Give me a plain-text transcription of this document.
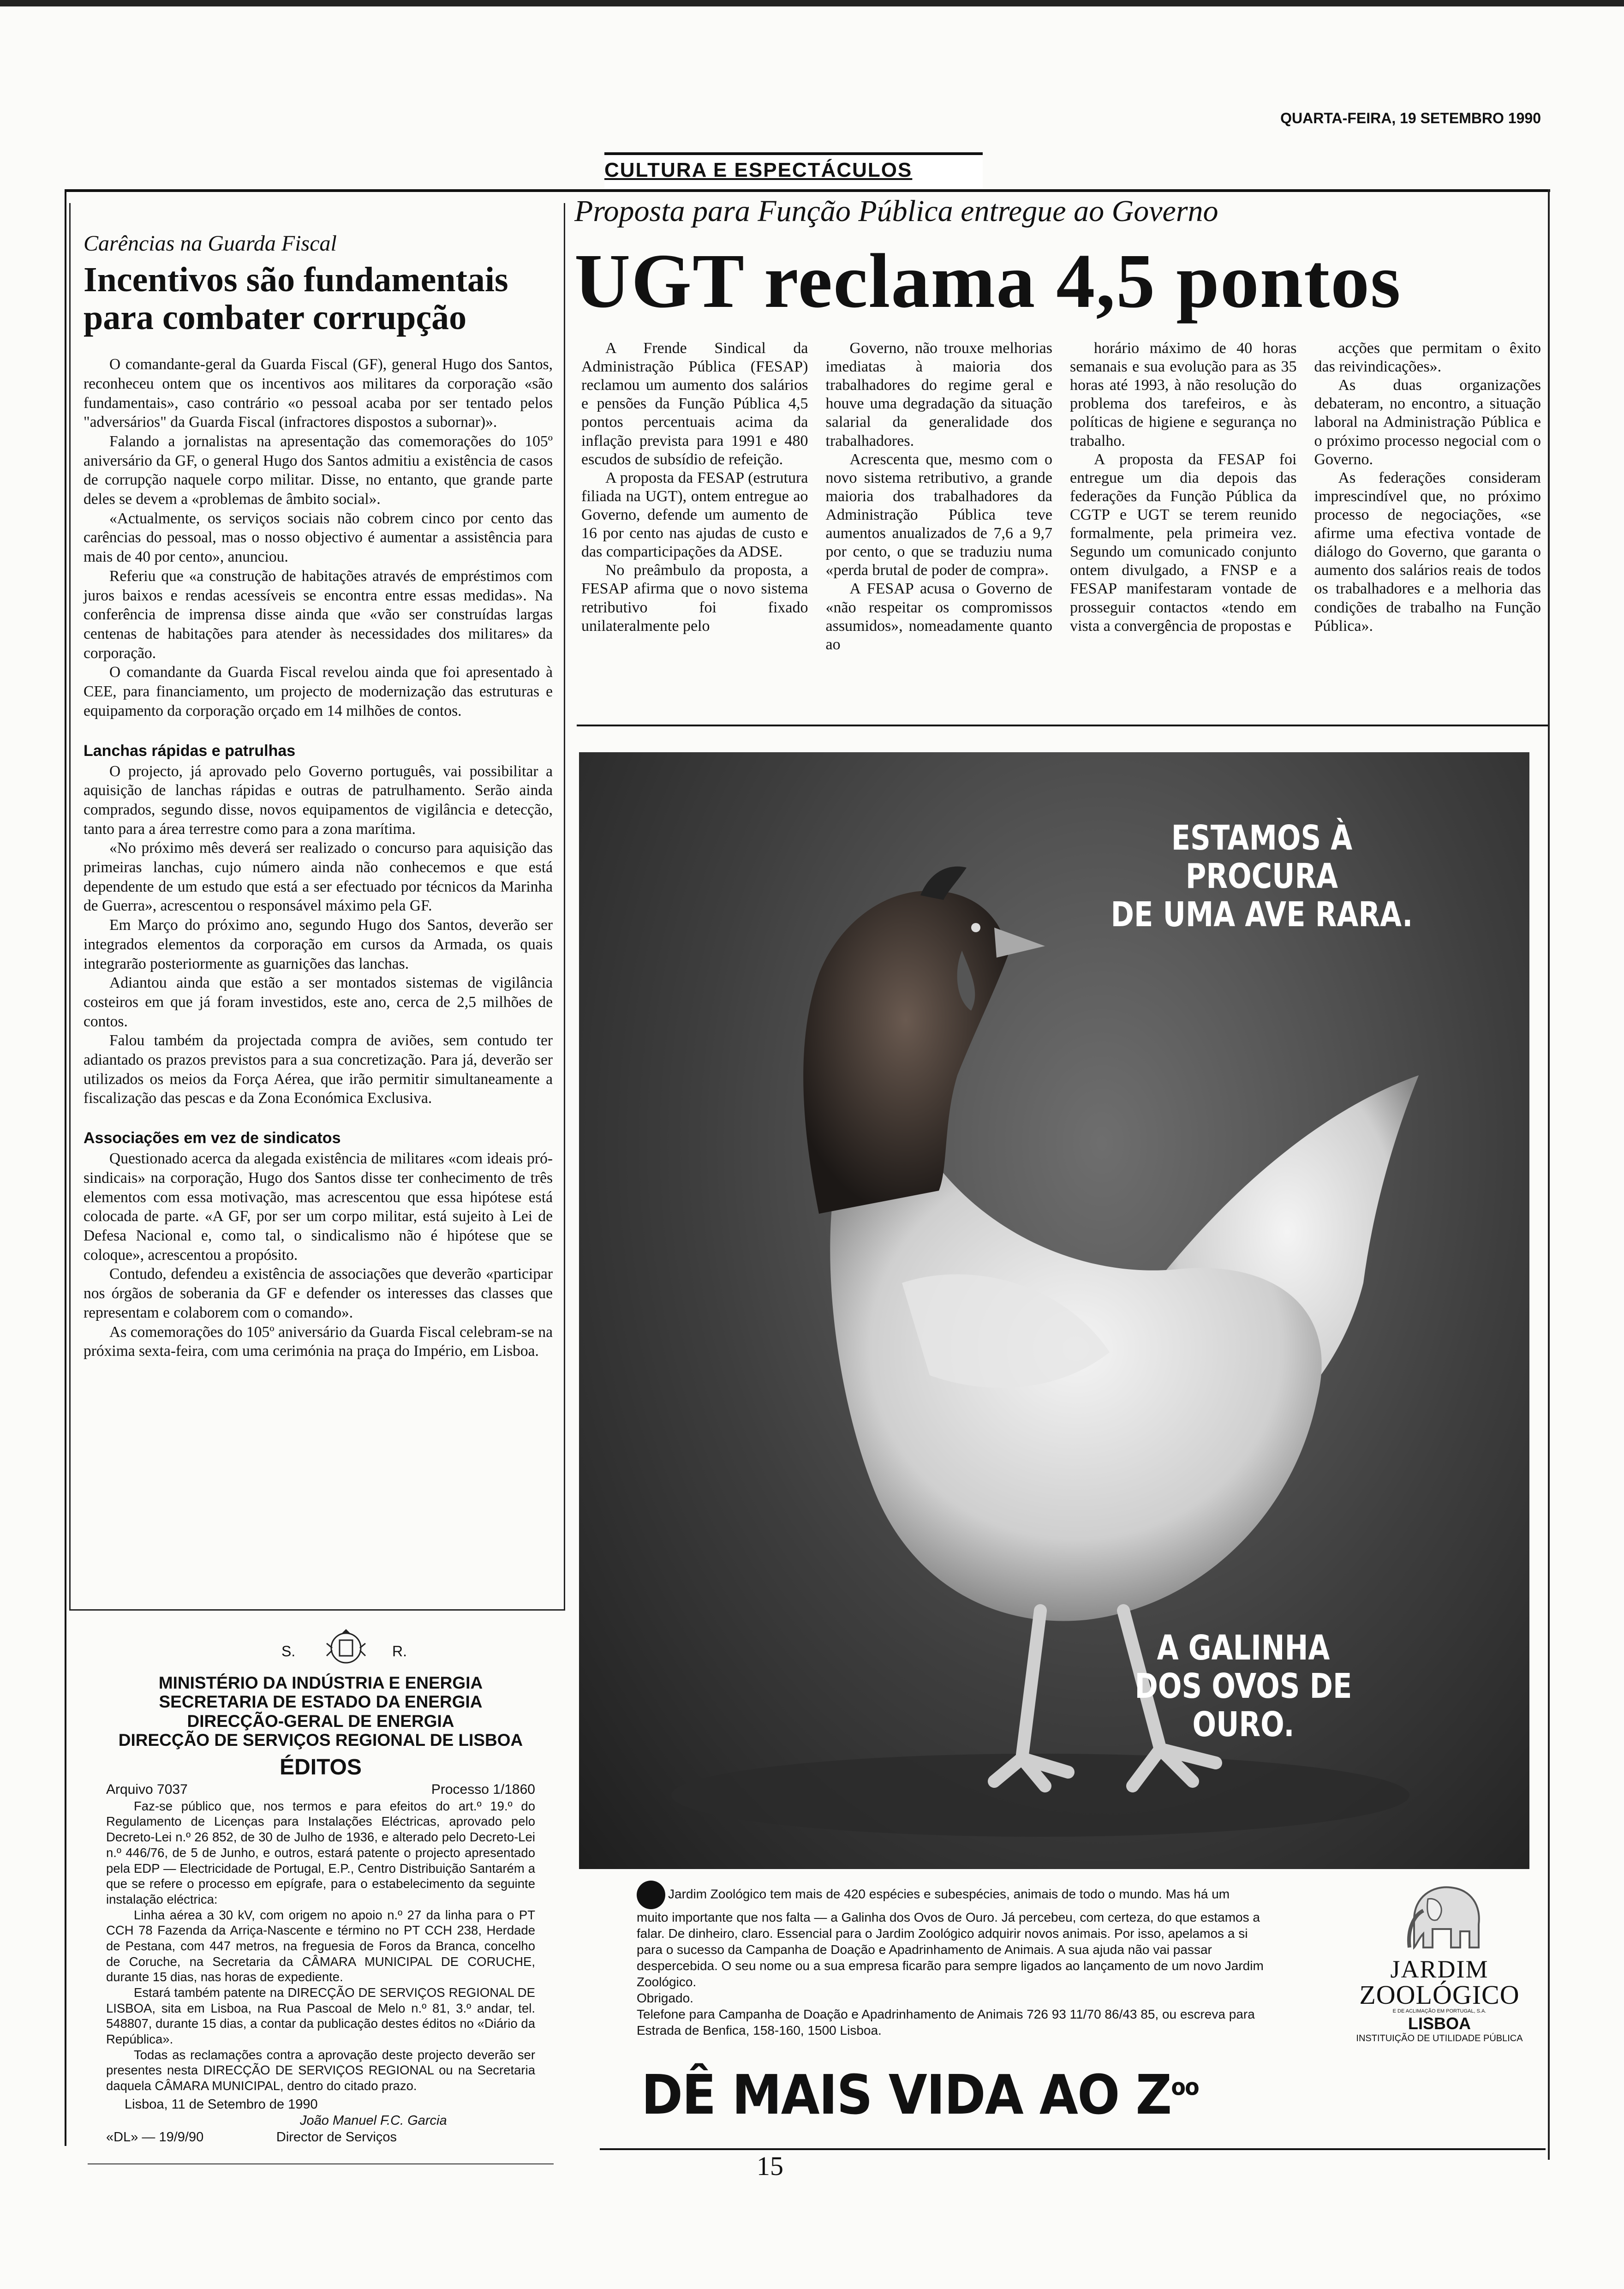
QUARTA-FEIRA, 19 SETEMBRO 1990
CULTURA E ESPECTÁCULOS
Carências na Guarda Fiscal
Incentivos são fundamentais para combater corrupção

O comandante-geral da Guarda Fiscal (GF), general Hugo dos Santos, reconheceu ontem que os incentivos aos militares da corporação «são fundamentais», caso contrário «o pessoal acaba por ser tentado pelos "adversários" da Guarda Fiscal (infractores dispostos a subornar)».

Falando a jornalistas na apresentação das comemorações do 105º aniversário da GF, o general Hugo dos Santos admitiu a existência de casos de corrupção naquele corpo militar. Disse, no entanto, que grande parte deles se devem a «problemas de âmbito social».

«Actualmente, os serviços sociais não cobrem cinco por cento das carências do pessoal, mas o nosso objectivo é aumentar a assistência para mais de 40 por cento», anunciou.

Referiu que «a construção de habitações através de empréstimos com juros baixos e rendas acessíveis se encontra entre essas medidas». Na conferência de imprensa disse ainda que «vão ser construídas largas centenas de habitações para atender às necessidades dos militares» da corporação.

O comandante da Guarda Fiscal revelou ainda que foi apresentado à CEE, para financiamento, um projecto de modernização das estruturas e equipamento da corporação orçado em 14 milhões de contos.

Lanchas rápidas e patrulhas

O projecto, já aprovado pelo Governo português, vai possibilitar a aquisição de lanchas rápidas e outras de patrulhamento. Serão ainda comprados, segundo disse, novos equipamentos de vigilância e detecção, tanto para a área terrestre como para a zona marítima.

«No próximo mês deverá ser realizado o concurso para aquisição das primeiras lanchas, cujo número ainda não conhecemos e que está dependente de um estudo que está a ser efectuado por técnicos da Marinha de Guerra», acrescentou o responsável máximo pela GF.

Em Março do próximo ano, segundo Hugo dos Santos, deverão ser integrados elementos da corporação em cursos da Armada, os quais integrarão posteriormente as guarnições das lanchas.

Adiantou ainda que estão a ser montados sistemas de vigilância costeiros em que já foram investidos, este ano, cerca de 2,5 milhões de contos.

Falou também da projectada compra de aviões, sem contudo ter adiantado os prazos previstos para a sua concretização. Para já, deverão ser utilizados os meios da Força Aérea, que irão permitir simultaneamente a fiscalização das pescas e da Zona Económica Exclusiva.

Associações em vez de sindicatos

Questionado acerca da alegada existência de militares «com ideais pró-sindicais» na corporação, Hugo dos Santos disse ter conhecimento de três elementos com essa motivação, mas acrescentou que essa hipótese está colocada de parte. «A GF, por ser um corpo militar, está sujeito à Lei de Defesa Nacional e, como tal, o sindicalismo não é hipótese que se coloque», acrescentou a propósito.

Contudo, defendeu a existência de associações que deverão «participar nos órgãos de soberania da GF e defender os interesses das classes que representam e colaborem com o comando».

As comemorações do 105º aniversário da Guarda Fiscal celebram-se na próxima sexta-feira, com uma cerimónia na praça do Império, em Lisboa.

S.	R.
MINISTÉRIO DA INDÚSTRIA E ENERGIA
SECRETARIA DE ESTADO DA ENERGIA
DIRECÇÃO-GERAL DE ENERGIA
DIRECÇÃO DE SERVIÇOS REGIONAL DE LISBOA
ÉDITOS
Arquivo 7037	Processo 1/1860

Faz-se público que, nos termos e para efeitos do art.º 19.º do Regulamento de Licenças para Instalações Eléctricas, aprovado pelo Decreto-Lei n.º 26 852, de 30 de Julho de 1936, e alterado pelo Decreto-Lei n.º 446/76, de 5 de Junho, e outros, estará patente o projecto apresentado pela EDP — Electricidade de Portugal, E.P., Centro Distribuição Santarém a que se refere o processo em epígrafe, para o estabelecimento da seguinte instalação eléctrica:

Linha aérea a 30 kV, com origem no apoio n.º 27 da linha para o PT CCH 78 Fazenda da Arriça-Nascente e término no PT CCH 238, Herdade de Pestana, com 447 metros, na freguesia de Foros da Branca, concelho de Coruche, na Secretaria da CÂMARA MUNICIPAL DE CORUCHE, durante 15 dias, nas horas de expediente.

Estará também patente na DIRECÇÃO DE SERVIÇOS REGIONAL DE LISBOA, sita em Lisboa, na Rua Pascoal de Melo n.º 81, 3.º andar, tel. 548807, durante 15 dias, a contar da publicação destes éditos no «Diário da República».

Todas as reclamações contra a aprovação deste projecto deverão ser presentes nesta DIRECÇÃO DE SERVIÇOS REGIONAL ou na Secretaria daquela CÂMARA MUNICIPAL, dentro do citado prazo.

Lisboa, 11 de Setembro de 1990
João Manuel F.C. Garcia
«DL» — 19/9/90	Director de Serviços
Proposta para Função Pública entregue ao Governo
UGT reclama 4,5 pontos

A Frende Sindical da Administração Pública (FESAP) reclamou um aumento dos salários e pensões da Função Pública 4,5 pontos percentuais acima da inflação prevista para 1991 e 480 escudos de subsídio de refeição.

A proposta da FESAP (estrutura filiada na UGT), ontem entregue ao Governo, defende um aumento de 16 por cento nas ajudas de custo e das comparticipações da ADSE.

No preâmbulo da proposta, a FESAP afirma que o novo sistema retributivo foi fixado unilateralmente pelo

Governo, não trouxe melhorias imediatas à maioria dos trabalhadores do regime geral e houve uma degradação da situação salarial da generalidade dos trabalhadores.

Acrescenta que, mesmo com o novo sistema retributivo, a grande maioria dos trabalhadores da Administração Pública teve aumentos anualizados de 7,6 a 9,7 por cento, o que se traduziu numa «perda brutal de poder de compra».

A FESAP acusa o Governo de «não respeitar os compromissos assumidos», nomeadamente quanto ao

horário máximo de 40 horas semanais e sua evolução para as 35 horas até 1993, à não resolução do problema dos tarefeiros, e às políticas de higiene e segurança no trabalho.

A proposta da FESAP foi entregue um dia depois das federações da Função Pública da CGTP e UGT se terem reunido formalmente, pela primeira vez. Segundo um comunicado conjunto ontem divulgado, a FNSP e a FESAP manifestaram vontade de prosseguir contactos «tendo em vista a convergência de propostas e

acções que permitam o êxito das reivindicações».

As duas organizações debateram, no encontro, a situação laboral na Administração Pública e o próximo processo negocial com o Governo.

As federações consideram imprescindível que, no próximo processo de negociações, «se afirme uma efectiva vontade de diálogo do Governo, que garanta o aumento dos salários reais de todos os trabalhadores e a melhoria das condições de trabalho na Função Pública».

ESTAMOS À PROCURA
DE UMA AVE RARA.
A GALINHA
DOS OVOS DE OURO.
Jardim Zoológico tem mais de 420 espécies e subespécies, animais de todo o mundo. Mas há um muito importante que nos falta — a Galinha dos Ovos de Ouro. Já percebeu, com certeza, do que estamos a falar. De dinheiro, claro. Essencial para o Jardim Zoológico adquirir novos animais. Por isso, apelamos a si para o sucesso da Campanha de Doação e Apadrinhamento de Animais. A sua ajuda não vai passar despercebida. O seu nome ou a sua empresa ficarão para sempre ligados ao lançamento de um novo Jardim Zoológico.
Obrigado.
Telefone para Campanha de Doação e Apadrinhamento de Animais 726 93 11/70 86/43 85, ou escreva para Estrada de Benfica, 158-160, 1500 Lisboa.
JARDIM
ZOOLÓGICO
E DE ACLIMAÇÃO EM PORTUGAL, S.A.
LISBOA
INSTITUIÇÃO DE UTILIDADE PÚBLICA
DÊ MAIS VIDA AO $Z^{oo}$
15
